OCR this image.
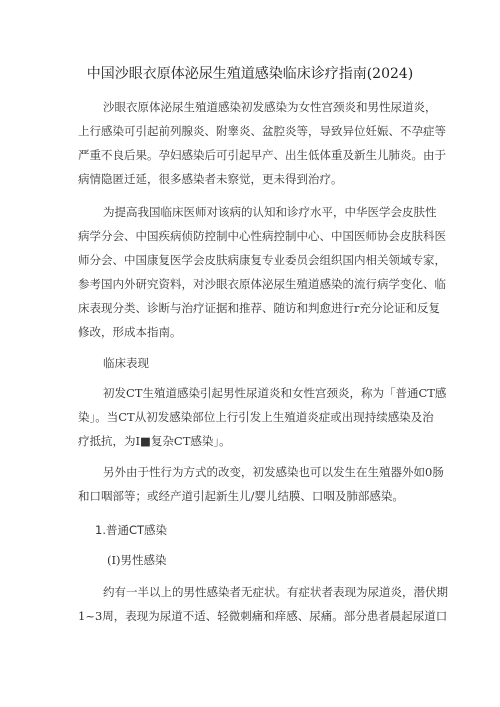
中国沙眼衣原体泌尿生殖道感染临床诊疗指南(2024)
沙眼衣原体泌尿生殖道感染初发感染为女性宫颈炎和男性尿道炎，
上行感染可引起前列腺炎、附睾炎、盆腔炎等，导致异位妊娠、不孕症等
严重不良后果。孕妇感染后可引起早产、出生低体重及新生儿肺炎。由于
病情隐匿迁延，很多感染者未察觉，更未得到治疗。
为提高我国临床医师对该病的认知和诊疗水平，中华医学会皮肤性
病学分会、中国疾病侦防控制中心性病控制中心、中国医师协会皮肤科医
师分会、中国康复医学会皮肤病康复专业委员会组织国内相关领域专家，
参考国内外研究资料，对沙眼衣原体泌尿生殖道感染的流行病学变化、临
床表现分类、诊断与治疗证据和推荐、随访和判愈进行r充分论证和反复
修改，形成本指南。
临床表现
初发CT生殖道感染引起男性尿道炎和女性宫颈炎，称为「普通CT感
染」。当CT从初发感染部位上行引发上生殖道炎症或出现持续感染及治
疗抵抗，为I■复杂CT感染」。
另外由于性行为方式的改变，初发感染也可以发生在生殖器外如0肠
和口咽部等；或经产道引起新生儿/婴儿结膜、口咽及肺部感染。
1.普通CT感染
(I)男性感染
约有一半以上的男性感染者无症状。有症状者表现为尿道炎，潜伏期
1~3周，表现为尿道不适、轻微刺痛和痒感、尿痛。部分患者晨起尿道口
